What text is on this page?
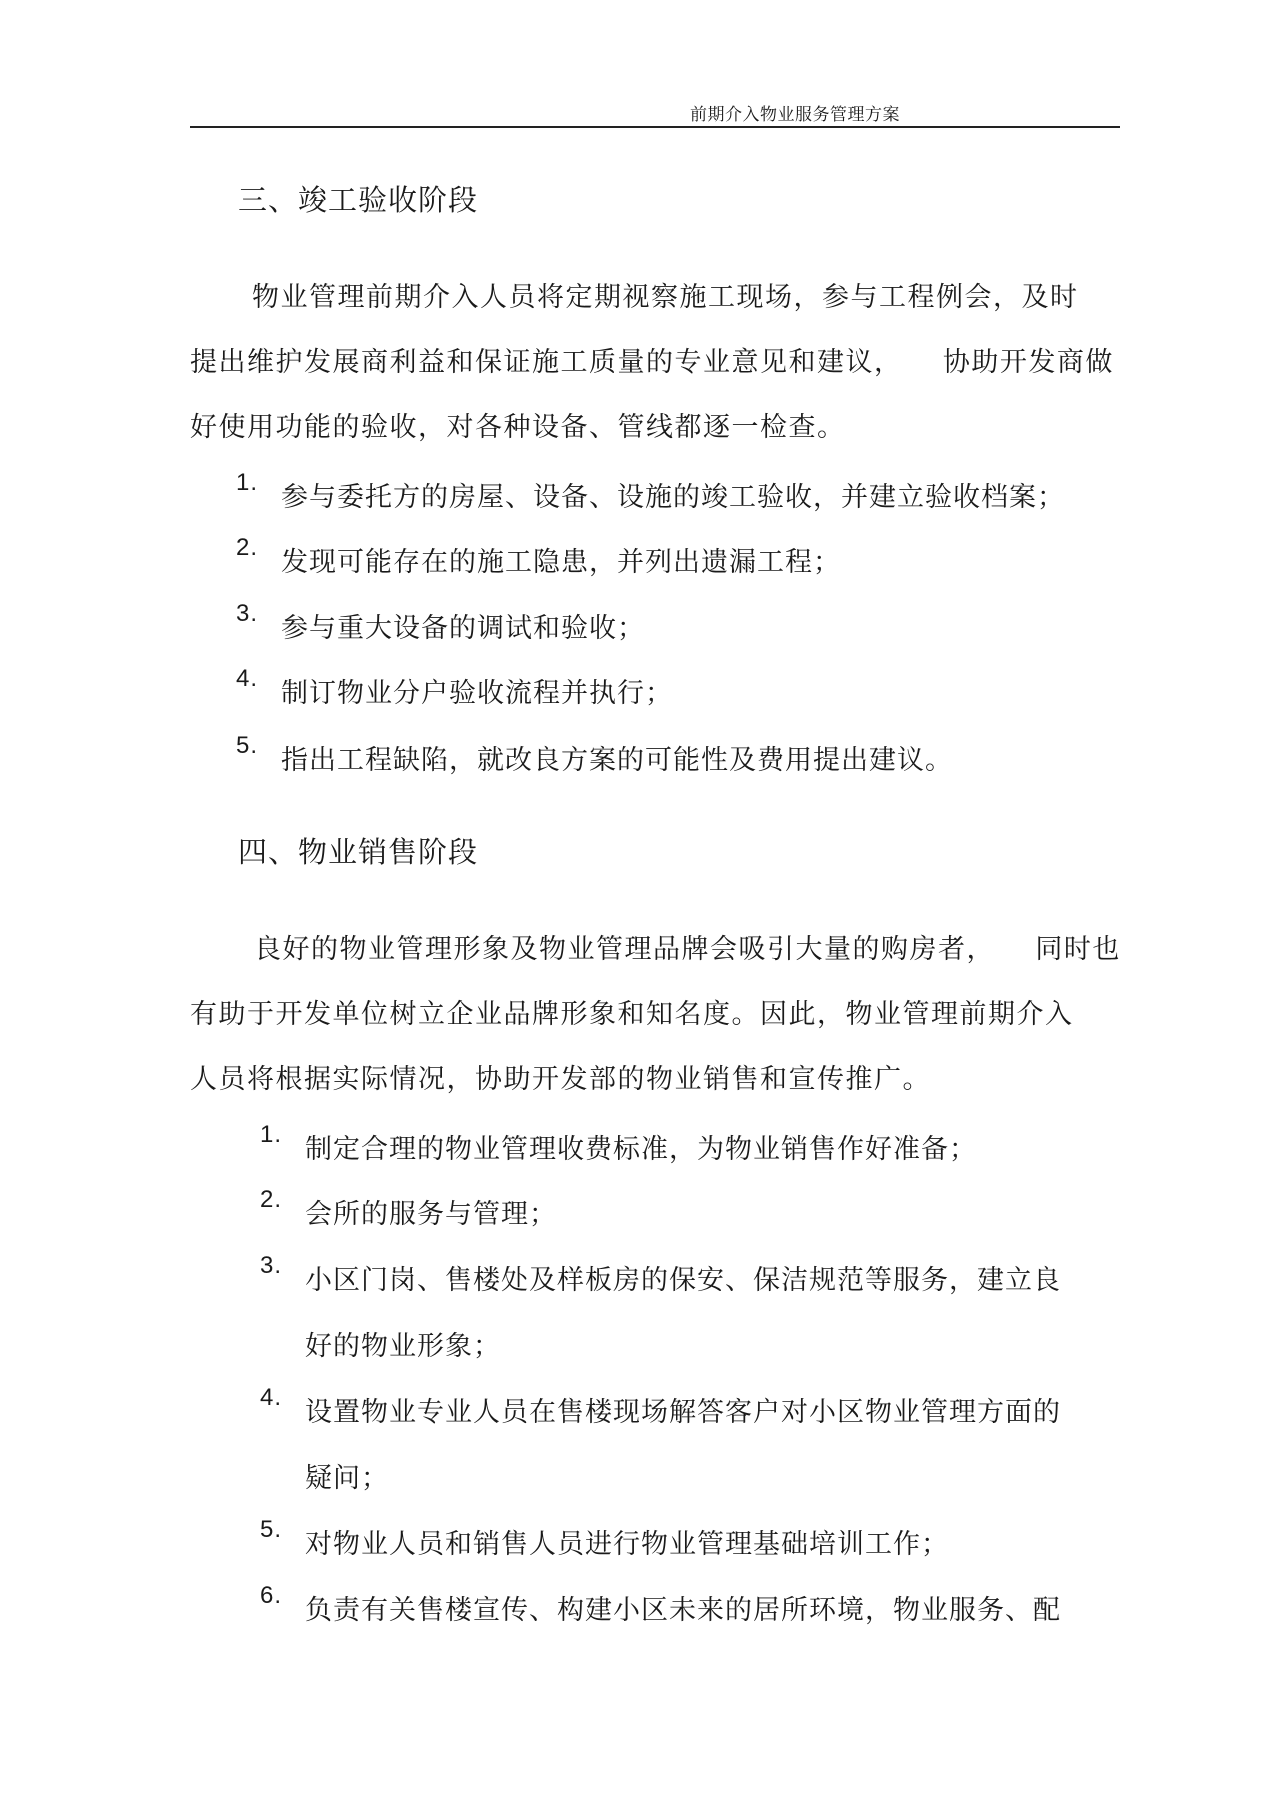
前期介入物业服务管理方案
三、竣工验收阶段
物业管理前期介入人员将定期视察施工现场，参与工程例会，及时
提出维护发展商利益和保证施工质量的专业意见和建议，    协助开发商做
好使用功能的验收，对各种设备、管线都逐一检查。

1.

参与委托方的房屋、设备、设施的竣工验收，并建立验收档案；

2.

发现可能存在的施工隐患，并列出遗漏工程；

3.

参与重大设备的调试和验收；

4.

制订物业分户验收流程并执行；

5.

指出工程缺陷，就改良方案的可能性及费用提出建议。

四、物业销售阶段
良好的物业管理形象及物业管理品牌会吸引大量的购房者，    同时也
有助于开发单位树立企业品牌形象和知名度。因此，物业管理前期介入
人员将根据实际情况，协助开发部的物业销售和宣传推广。

1.

制定合理的物业管理收费标准，为物业销售作好准备；

2.

会所的服务与管理；

3.

小区门岗、售楼处及样板房的保安、保洁规范等服务，建立良

好的物业形象；

4.

设置物业专业人员在售楼现场解答客户对小区物业管理方面的

疑问；

5.

对物业人员和销售人员进行物业管理基础培训工作；

6.

负责有关售楼宣传、构建小区未来的居所环境，物业服务、配
